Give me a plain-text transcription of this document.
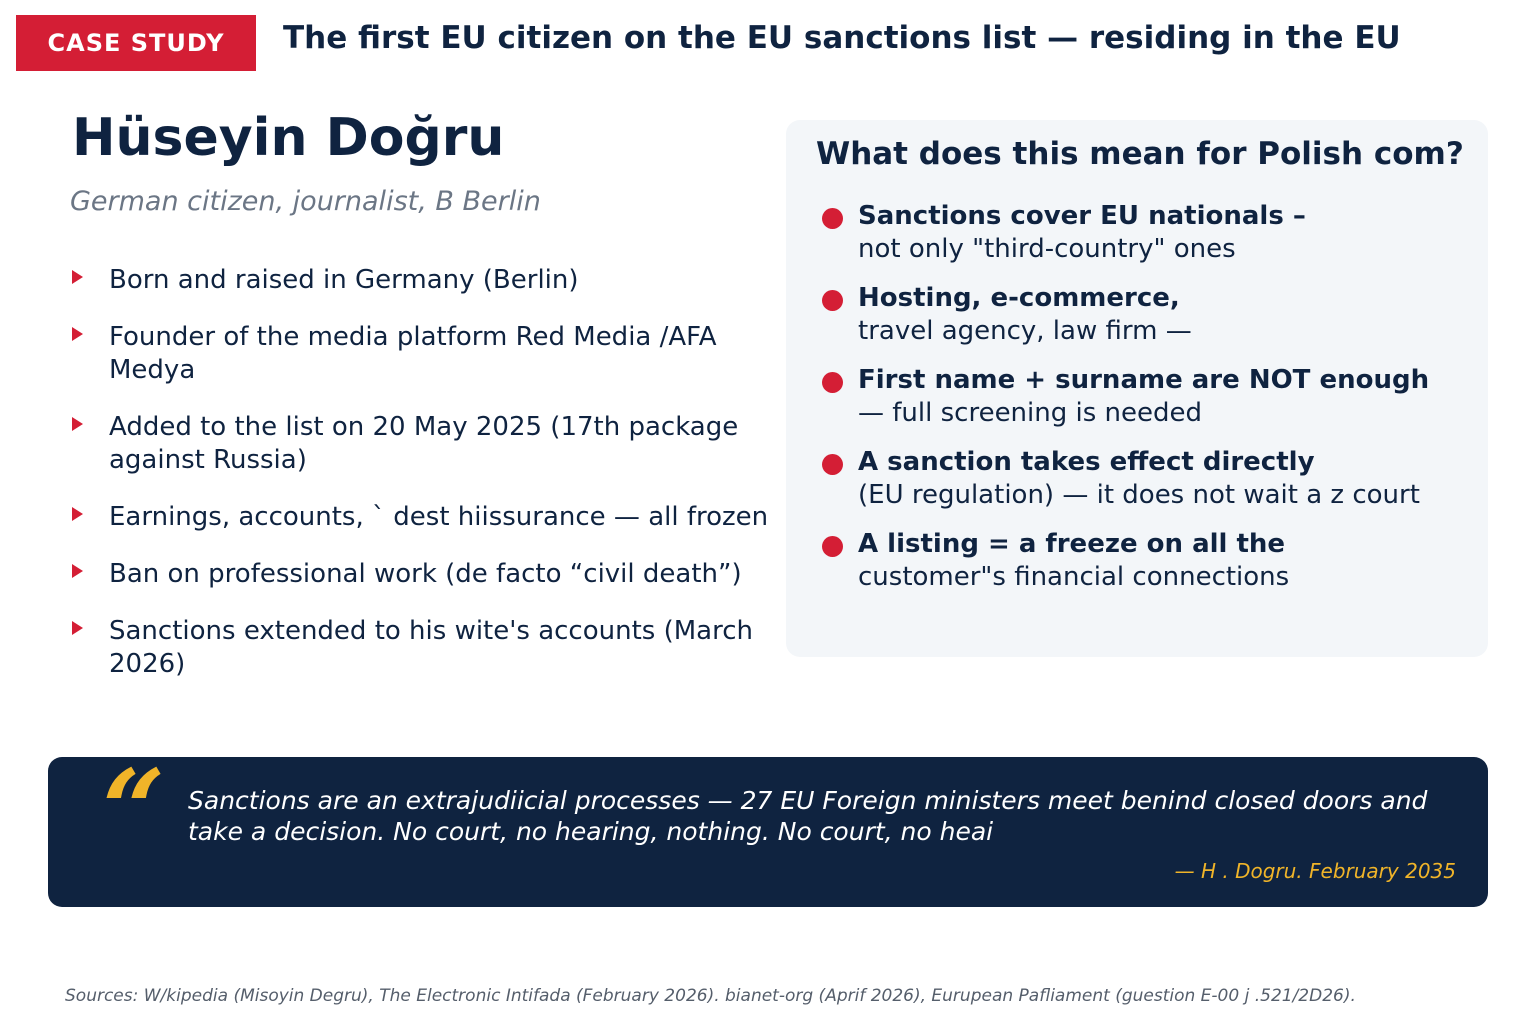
CASE STUDY The first EU citizen on the EU sanctions list — residing in the EU
Hüseyin Doğru
German citizen, journalist, B Berlin
Born and raised in Germany (Berlin)
Founder of the media platform Red Media /AFA Medya
Added to the list on 20 May 2025 (17th package against Russia)
Earnings, accounts, ` dest hiissurance — all frozen
Ban on professional work (de facto “civil death”)
Sanctions extended to his wite's accounts (March 2026)
What does this mean for Polish com?
Sanctions cover EU nationals –
not only "third-country" ones
Hosting, e-commerce,
travel agency, law firm —
First name + surname are NOT enough
— full screening is needed
A sanction takes effect directly
(EU regulation) — it does not wait a z court
A listing = a freeze on all the
customer"s financial connections
“ Sanctions are an extrajudiicial processes — 27 EU Foreign ministers meet benind closed doors and take a decision. No court, no hearing, nothing. No court, no heai
— H . Dogru. February 2035
Sources: W/kipedia (Misoyin Degru), The Electronic Intifada (February 2026). bianet-org (Aprif 2026), Eurupean Pafliament (guestion E-00 j .521/2D26).
